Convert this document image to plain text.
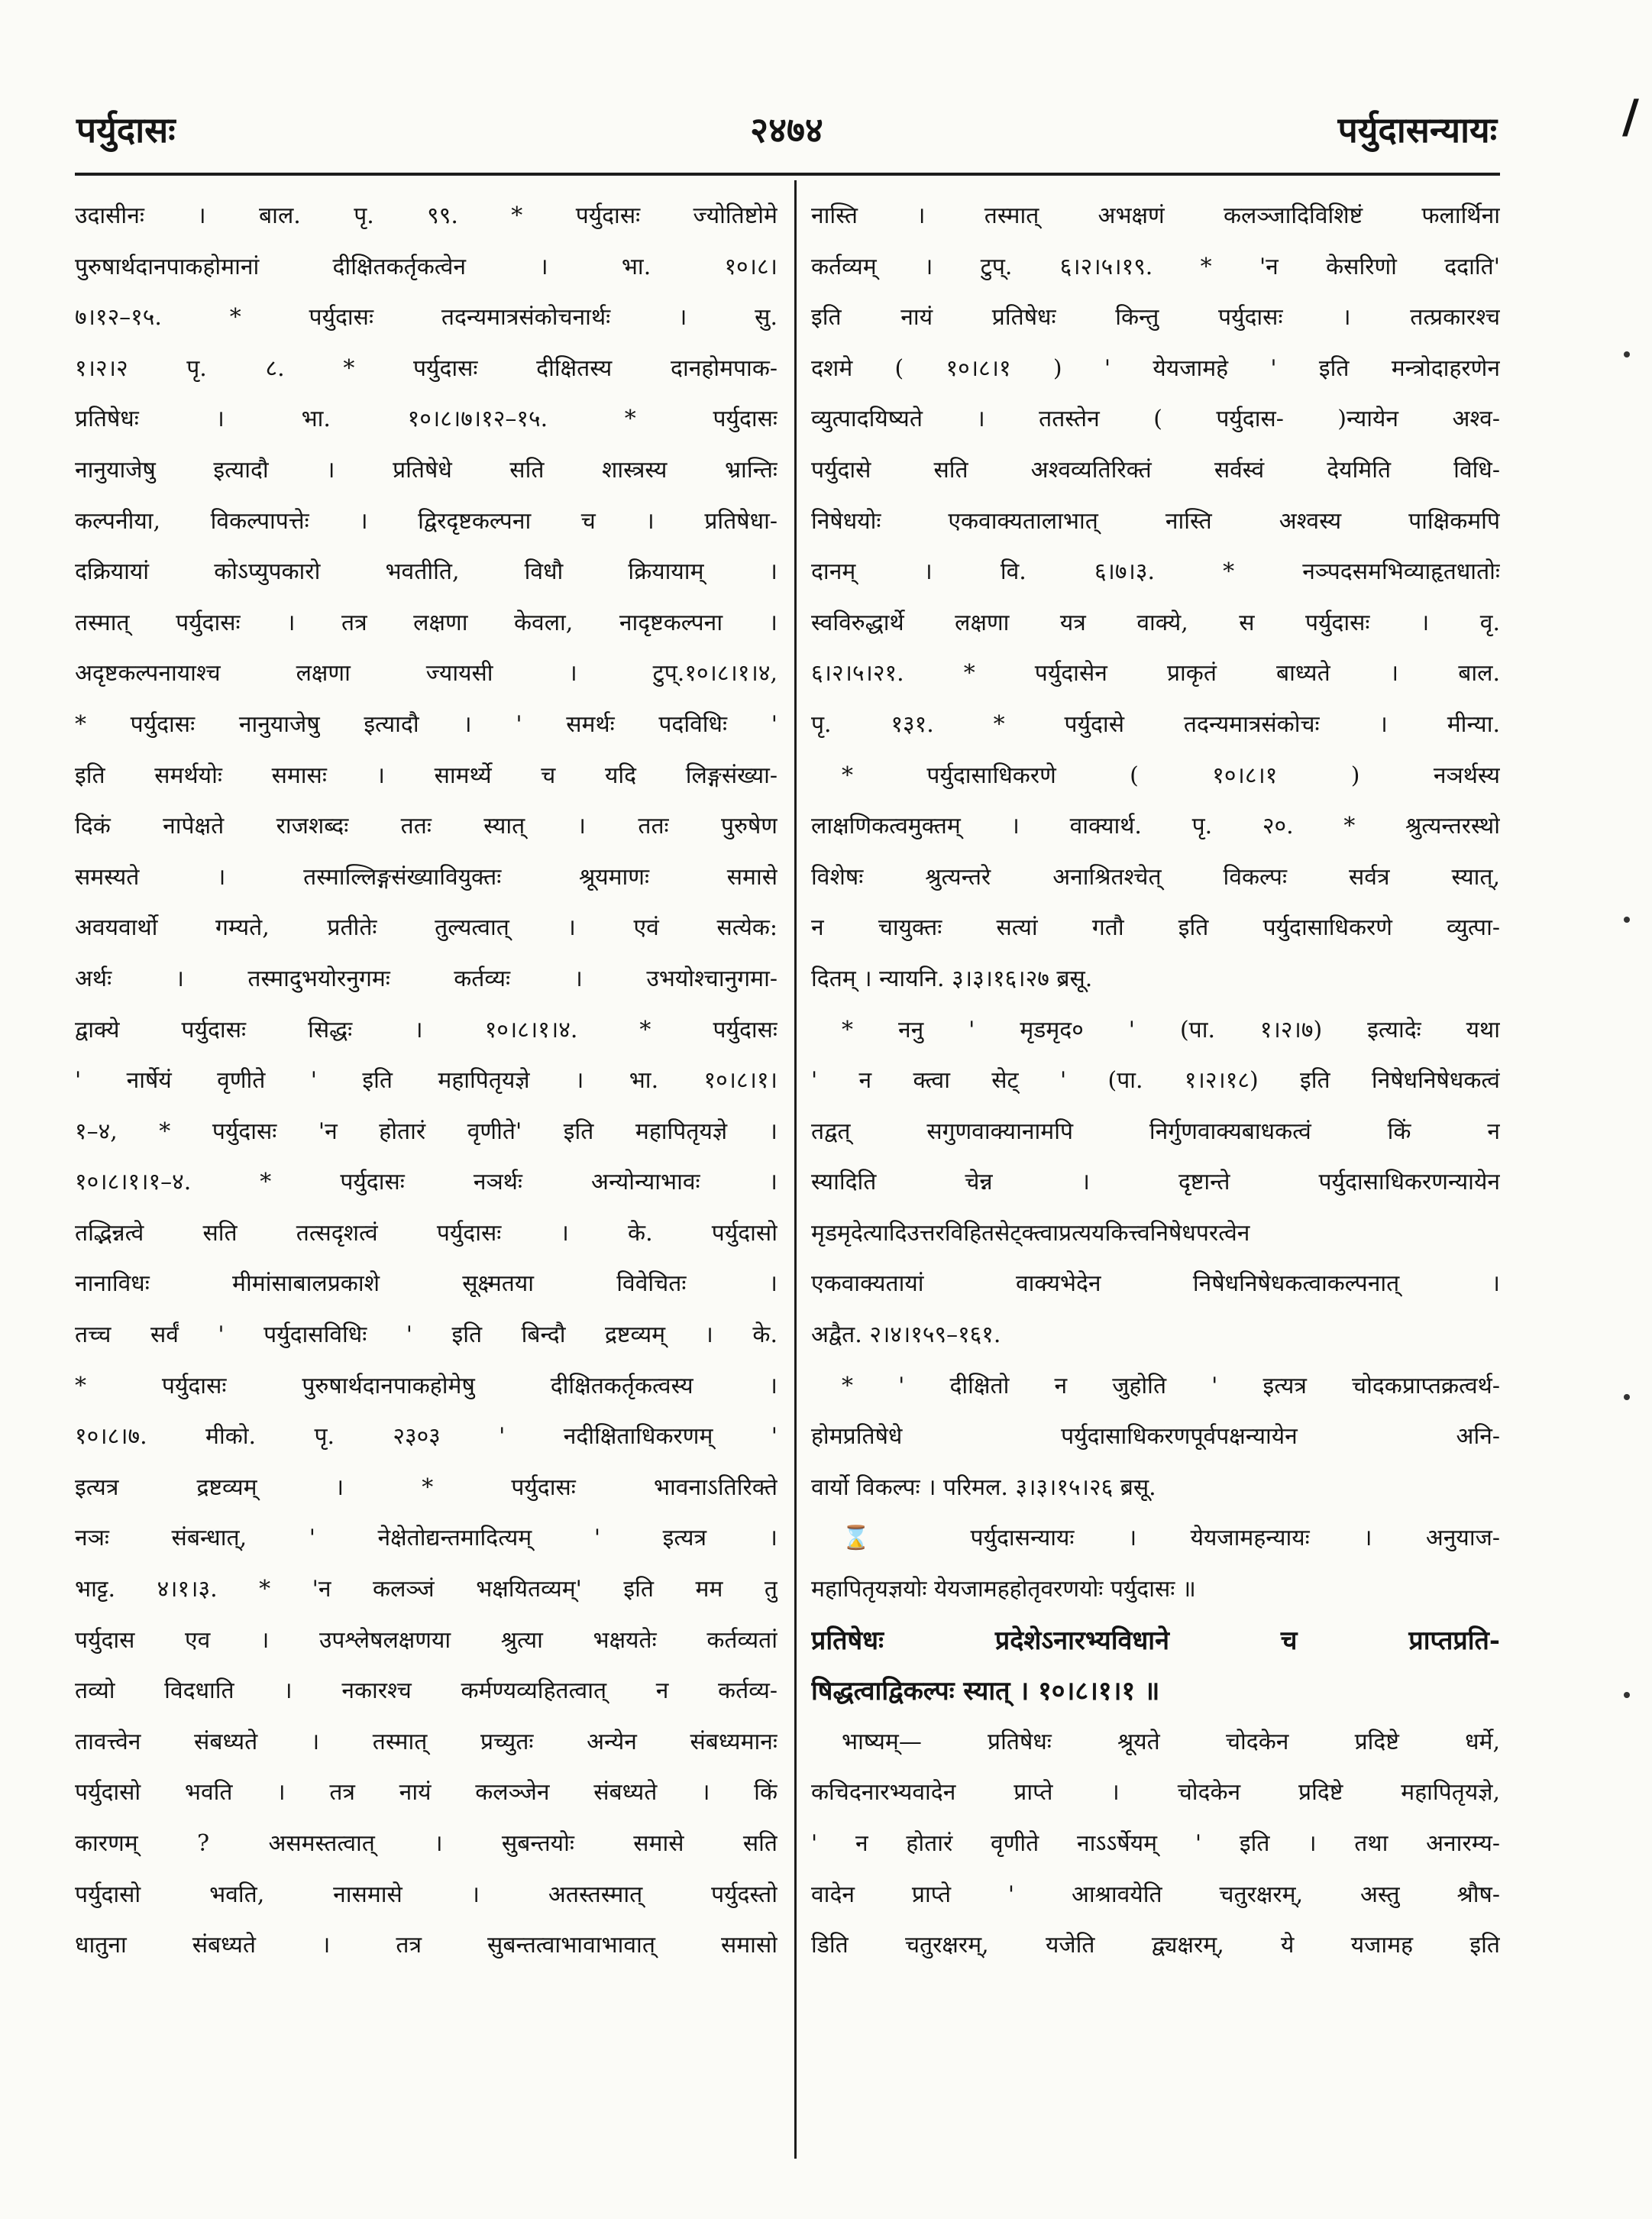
पर्युदासः	२४७४	पर्युदासन्यायः	/
उदासीनः । बाल. पृ. ९९. * पर्युदासः ज्योतिष्टोमे
पुरुषार्थदानपाकहोमानां दीक्षितकर्तृकत्वेन । भा. १०।८।
७।१२–१५. * पर्युदासः तदन्यमात्रसंकोचनार्थः । सु.
१।२।२ पृ. ८. * पर्युदासः दीक्षितस्य दानहोमपाक-
प्रतिषेधः । भा. १०।८।७।१२–१५. * पर्युदासः
नानुयाजेषु इत्यादौ । प्रतिषेधे सति शास्त्रस्य भ्रान्तिः
कल्पनीया, विकल्पापत्तेः । द्विरदृष्टकल्पना च । प्रतिषेधा-
दक्रियायां कोऽप्युपकारो भवतीति, विधौ क्रियायाम् ।
तस्मात् पर्युदासः । तत्र लक्षणा केवला, नादृष्टकल्पना ।
अदृष्टकल्पनायाश्च लक्षणा ज्यायसी । टुप्.१०।८।१।४,
* पर्युदासः नानुयाजेषु इत्यादौ । ' समर्थः पदविधिः '
इति समर्थयोः समासः । सामर्थ्ये च यदि लिङ्गसंख्या-
दिकं नापेक्षते राजशब्दः ततः स्यात् । ततः पुरुषेण
समस्यते । तस्माल्लिङ्गसंख्यावियुक्तः श्रूयमाणः समासे
अवयवार्थो गम्यते, प्रतीतेः तुल्यत्वात् । एवं सत्येक:
अर्थः । तस्मादुभयोरनुगमः कर्तव्यः । उभयोश्चानुगमा-
द्वाक्ये पर्युदासः सिद्धः । १०।८।१।४. * पर्युदासः
' नार्षेयं वृणीते ' इति महापितृयज्ञे । भा. १०।८।१।
१–४, * पर्युदासः 'न होतारं वृणीते' इति महापितृयज्ञे ।
१०।८।१।१–४. * पर्युदासः नञर्थः अन्योन्याभावः ।
तद्भिन्नत्वे सति तत्सदृशत्वं पर्युदासः । के. पर्युदासो
नानाविधः मीमांसाबालप्रकाशे सूक्ष्मतया विवेचितः ।
तच्च सर्वं ' पर्युदासविधिः ' इति बिन्दौ द्रष्टव्यम् । के.
* पर्युदासः पुरुषार्थदानपाकहोमेषु दीक्षितकर्तृकत्वस्य ।
१०।८।७. मीको. पृ. २३०३ ' नदीक्षिताधिकरणम् '
इत्यत्र द्रष्टव्यम् । * पर्युदासः भावनाऽतिरिक्ते
नञः संबन्धात्, ' नेक्षेतोद्यन्तमादित्यम् ' इत्यत्र ।
भाट्ट. ४।१।३. * 'न कलञ्जं भक्षयितव्यम्' इति मम तु
पर्युदास एव । उपश्लेषलक्षणया श्रुत्या भक्षयतेः कर्तव्यतां
तव्यो विदधाति । नकारश्च कर्मण्यव्यहितत्वात् न कर्तव्य-
तावत्त्वेन संबध्यते । तस्मात् प्रच्युतः अन्येन संबध्यमानः
पर्युदासो भवति । तत्र नायं कलञ्जेन संबध्यते । किं
कारणम् ? असमस्तत्वात् । सुबन्तयोः समासे सति
पर्युदासो भवति, नासमासे । अतस्तस्मात् पर्युदस्तो
धातुना संबध्यते । तत्र सुबन्तत्वाभावाभावात् समासो
नास्ति । तस्मात् अभक्षणं कलञ्जादिविशिष्टं फलार्थिना
कर्तव्यम् । टुप्. ६।२।५।१९. * 'न केसरिणो ददाति'
इति नायं प्रतिषेधः किन्तु पर्युदासः । तत्प्रकारश्च
दशमे ( १०।८।१ ) ' येयजामहे ' इति मन्त्रोदाहरणेन
व्युत्पादयिष्यते । ततस्तेन ( पर्युदास- )न्यायेन अश्व-
पर्युदासे सति अश्वव्यतिरिक्तं सर्वस्वं देयमिति विधि-
निषेधयोः एकवाक्यतालाभात् नास्ति अश्वस्य पाक्षिकमपि
दानम् । वि. ६।७।३. * नञ्पदसमभिव्याहृतधातोः
स्वविरुद्धार्थे लक्षणा यत्र वाक्ये, स पर्युदासः । वृ.
६।२।५।२१. * पर्युदासेन प्राकृतं बाध्यते । बाल.
पृ. १३१. * पर्युदासे तदन्यमात्रसंकोचः । मीन्या.
* पर्युदासाधिकरणे ( १०।८।१ ) नञर्थस्य
लाक्षणिकत्वमुक्तम् । वाक्यार्थ. पृ. २०. * श्रुत्यन्तरस्थो
विशेषः श्रुत्यन्तरे अनाश्रितश्चेत् विकल्पः सर्वत्र स्यात्,
न चायुक्तः सत्यां गतौ इति पर्युदासाधिकरणे व्युत्पा-
दितम् । न्यायनि. ३।३।१६।२७ ब्रसू.
* ननु ' मृडमृद० ' (पा. १।२।७) इत्यादेः यथा
' न क्त्वा सेट् ' (पा. १।२।१८) इति निषेधनिषेधकत्वं
तद्वत् सगुणवाक्यानामपि निर्गुणवाक्यबाधकत्वं किं न
स्यादिति चेन्न । दृष्टान्ते पर्युदासाधिकरणन्यायेन
मृडमृदेत्यादिउत्तरविहितसेट्क्त्वाप्रत्ययकित्त्वनिषेधपरत्वेन
एकवाक्यतायां वाक्यभेदेन निषेधनिषेधकत्वाकल्पनात् ।
अद्वैत. २।४।१५९–१६१.
* ' दीक्षितो न जुहोति ' इत्यत्र चोदकप्राप्तक्रत्वर्थ-
होमप्रतिषेधे पर्युदासाधिकरणपूर्वपक्षन्यायेन अनि-
वार्यो विकल्पः । परिमल. ३।३।१५।२६ ब्रसू.
⌛ पर्युदासन्यायः । येयजामहन्यायः । अनुयाज-
महापितृयज्ञयोः येयजामहहोतृवरणयोः पर्युदासः ॥
प्रतिषेधः प्रदेशेऽनारभ्यविधाने च प्राप्तप्रति-
षिद्धत्वाद्विकल्पः स्यात् । १०।८।१।१ ॥
भाष्यम्— प्रतिषेधः श्रूयते चोदकेन प्रदिष्टे धर्मे,
कचिदनारभ्यवादेन प्राप्ते । चोदकेन प्रदिष्टे महापितृयज्ञे,
' न होतारं वृणीते नाऽऽर्षेयम् ' इति । तथा अनारम्य-
वादेन प्राप्ते ' आश्रावयेति चतुरक्षरम्, अस्तु श्रौष-
डिति चतुरक्षरम्, यजेति द्व्यक्षरम्, ये यजामह इति
